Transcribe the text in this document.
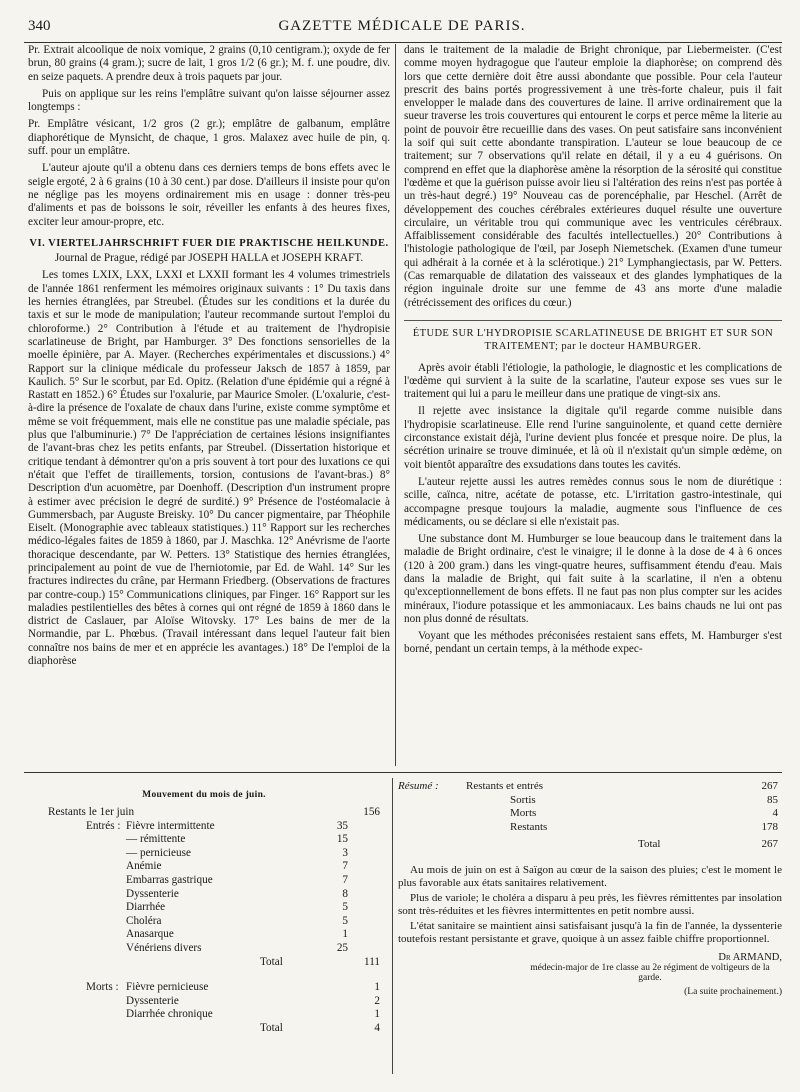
340	GAZETTE MÉDICALE DE PARIS.

Pr. Extrait alcoolique de noix vomique, 2 grains (0,10 centigram.); oxyde de fer brun, 80 grains (4 gram.); sucre de lait, 1 gros 1/2 (6 gr.); M. f. une poudre, div. en seize paquets. A prendre deux à trois paquets par jour.

Puis on applique sur les reins l'emplâtre suivant qu'on laisse séjourner assez longtemps :

Pr. Emplâtre vésicant, 1/2 gros (2 gr.); emplâtre de galbanum, emplâtre diaphorétique de Mynsicht, de chaque, 1 gros. Malaxez avec huile de pin, q. suff. pour un emplâtre.

L'auteur ajoute qu'il a obtenu dans ces derniers temps de bons effets avec le seigle ergoté, 2 à 6 grains (10 à 30 cent.) par dose. D'ailleurs il insiste pour qu'on ne néglige pas les moyens ordinairement mis en usage : donner très-peu d'aliments et pas de boissons le soir, réveiller les enfants à des heures fixes, exciter leur amour-propre, etc.

VI. VIERTELJAHRSCHRIFT FUER DIE PRAKTISCHE HEILKUNDE.
Journal de Prague, rédigé par JOSEPH HALLA et JOSEPH KRAFT.

Les tomes LXIX, LXX, LXXI et LXXII formant les 4 volumes trimestriels de l'année 1861 renferment les mémoires originaux suivants : 1° Du taxis dans les hernies étranglées, par Streubel. (Études sur les conditions et la durée du taxis et sur le mode de manipulation; l'auteur recommande surtout l'emploi du chloroforme.) 2° Contribution à l'étude et au traitement de l'hydropisie scarlatineuse de Bright, par Hamburger. 3° Des fonctions sensorielles de la moelle épinière, par A. Mayer. (Recherches expérimentales et discussions.) 4° Rapport sur la clinique médicale du professeur Jaksch de 1857 à 1859, par Kaulich. 5° Sur le scorbut, par Ed. Opitz. (Relation d'une épidémie qui a régné à Rastatt en 1852.) 6° Études sur l'oxalurie, par Maurice Smoler. (L'oxalurie, c'est-à-dire la présence de l'oxalate de chaux dans l'urine, existe comme symptôme et même se voit fréquemment, mais elle ne constitue pas une maladie spéciale, pas plus que l'albuminurie.) 7° De l'appréciation de certaines lésions insignifiantes de l'avant-bras chez les petits enfants, par Streubel. (Dissertation historique et critique tendant à démontrer qu'on a pris souvent à tort pour des luxations ce qui n'était que l'effet de tiraillements, torsion, contusions de l'avant-bras.) 8° Description d'un acuomètre, par Doenhoff. (Description d'un instrument propre à estimer avec précision le degré de surdité.) 9° Présence de l'ostéomalacie à Gummersbach, par Auguste Breisky. 10° Du cancer pigmentaire, par Théophile Eiselt. (Monographie avec tableaux statistiques.) 11° Rapport sur les recherches médico-légales faites de 1859 à 1860, par J. Maschka. 12° Anévrisme de l'aorte thoracique descendante, par W. Petters. 13° Statistique des hernies étranglées, principalement au point de vue de l'herniotomie, par Ed. de Wahl. 14° Sur les fractures indirectes du crâne, par Hermann Friedberg. (Observations de fractures par contre-coup.) 15° Communications cliniques, par Finger. 16° Rapport sur les maladies pestilentielles des bêtes à cornes qui ont régné de 1859 à 1860 dans le district de Caslauer, par Aloïse Witovsky. 17° Les bains de mer de la Normandie, par L. Phœbus. (Travail intéressant dans lequel l'auteur fait bien connaître nos bains de mer et en apprécie les avantages.) 18° De l'emploi de la diaphorèse

dans le traitement de la maladie de Bright chronique, par Liebermeister. (C'est comme moyen hydragogue que l'auteur emploie la diaphorèse; on comprend dès lors que cette dernière doit être aussi abondante que possible. Pour cela l'auteur prescrit des bains portés progressivement à une très-forte chaleur, puis il fait envelopper le malade dans des couvertures de laine. Il arrive ordinairement que la sueur traverse les trois couvertures qui entourent le corps et perce même la literie au point de pouvoir être recueillie dans des vases. On peut satisfaire sans inconvénient la soif qui suit cette abondante transpiration. L'auteur se loue beaucoup de ce traitement; sur 7 observations qu'il relate en détail, il y a eu 4 guérisons. On comprend en effet que la diaphorèse amène la résorption de la sérosité qui constitue l'œdème et que la guérison puisse avoir lieu si l'altération des reins n'est pas portée à un très-haut degré.) 19° Nouveau cas de porencéphalie, par Heschel. (Arrêt de développement des couches cérébrales extérieures duquel résulte une ouverture circulaire, un véritable trou qui communique avec les ventricules cérébraux. Affaiblissement considérable des facultés intellectuelles.) 20° Contributions à l'histologie pathologique de l'œil, par Joseph Niemetschek. (Examen d'une tumeur qui adhérait à la cornée et à la sclérotique.) 21° Lymphangiectasis, par W. Petters. (Cas remarquable de dilatation des vaisseaux et des glandes lymphatiques de la région inguinale droite sur une femme de 43 ans morte d'une maladie (rétrécissement des orifices du cœur.)

ÉTUDE SUR L'HYDROPISIE SCARLATINEUSE DE BRIGHT ET SUR SON TRAITEMENT; par le docteur HAMBURGER.

Après avoir établi l'étiologie, la pathologie, le diagnostic et les complications de l'œdème qui survient à la suite de la scarlatine, l'auteur expose ses vues sur le traitement qui lui a paru le meilleur dans une pratique de vingt-six ans.

Il rejette avec insistance la digitale qu'il regarde comme nuisible dans l'hydropisie scarlatineuse. Elle rend l'urine sanguinolente, et quand cette dernière circonstance existait déjà, l'urine devient plus foncée et presque noire. De plus, la sécrétion urinaire se trouve diminuée, et là où il n'existait qu'un simple œdème, on voit bientôt apparaître des exsudations dans toutes les cavités.

L'auteur rejette aussi les autres remèdes connus sous le nom de diurétique : scille, caïnca, nitre, acétate de potasse, etc. L'irritation gastro-intestinale, qui accompagne presque toujours la maladie, augmente sous l'influence de ces médicaments, ou se déclare si elle n'existait pas.

Une substance dont M. Humburger se loue beaucoup dans le traitement dans la maladie de Bright ordinaire, c'est le vinaigre; il le donne à la dose de 4 à 6 onces (120 à 200 gram.) dans les vingt-quatre heures, suffisamment étendu d'eau. Mais dans la maladie de Bright, qui fait suite à la scarlatine, il n'en a obtenu qu'exceptionnellement de bons effets. Il ne faut pas non plus compter sur les acides minéraux, l'iodure potassique et les ammoniacaux. Les bains chauds ne lui ont pas non plus donné de résultats.

Voyant que les méthodes préconisées restaient sans effets, M. Hamburger s'est borné, pendant un certain temps, à la méthode expec-

Mouvement du mois de juin.
Restants le 1er juin	156
Entrés : Fièvre intermittente	35
— rémittente	15
— pernicieuse	3
Anémie	7
Embarras gastrique	7
Dyssenterie	8
Diarrhée	5
Choléra	5
Anasarque	1
Vénériens divers	25
Total	111
Morts : Fièvre pernicieuse	1
Dyssenterie	2
Diarrhée chronique	1
Total	4
Résumé : Restants et entrés	267
Sortis	85
Morts	4
Restants	178
Total	267

Au mois de juin on est à Saïgon au cœur de la saison des pluies; c'est le moment le plus favorable aux états sanitaires relativement.

Plus de variole; le choléra a disparu à peu près, les fièvres rémittentes par insolation sont très-réduites et les fièvres intermittentes en petit nombre aussi.

L'état sanitaire se maintient ainsi satisfaisant jusqu'à la fin de l'année, la dyssenterie toutefois restant persistante et grave, quoique à un assez faible chiffre proportionnel.

Dr ARMAND,
médecin-major de 1re classe au 2e régiment de voltigeurs de la garde.
(La suite prochainement.)
